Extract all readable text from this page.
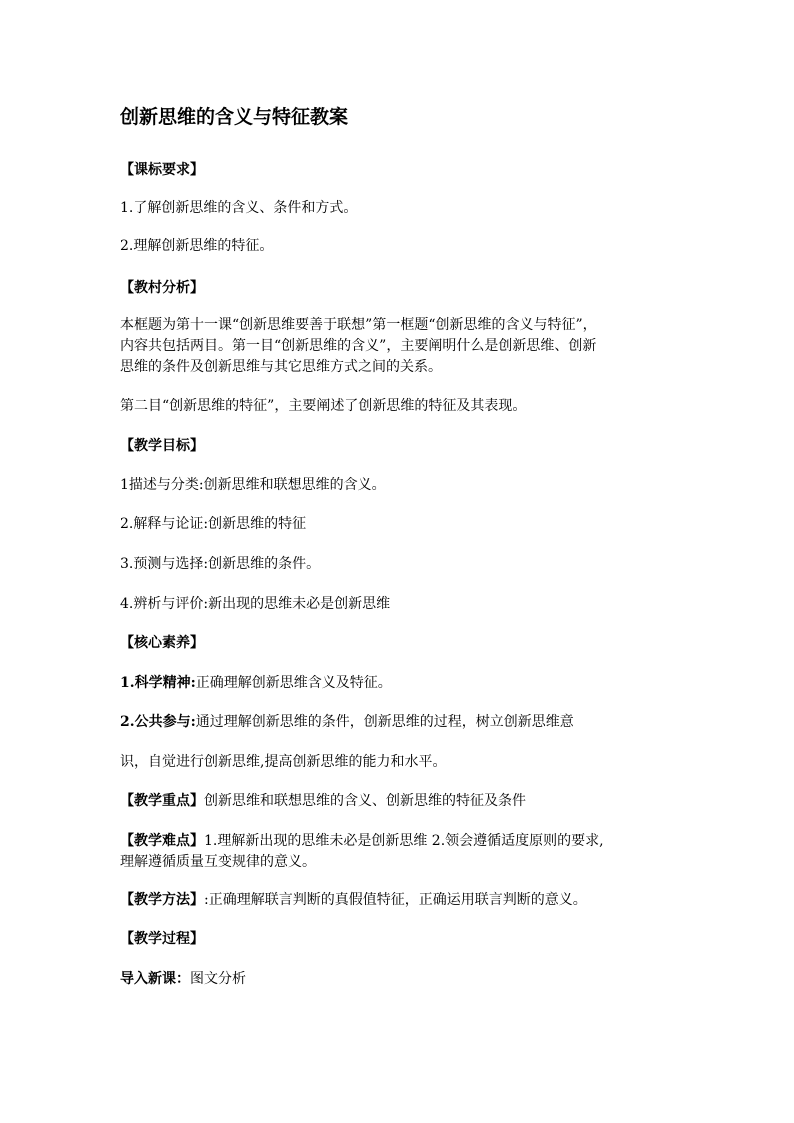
创新思维的含义与特征教案
【课标要求】
1.了解创新思维的含义、条件和方式。
2.理解创新思维的特征。
【教村分析】
本框题为第十一课“创新思维要善于联想”第一框题“创新思维的含义与特征”，
内容共包括两目。第一目“创新思维的含义”，主要阐明什么是创新思维、创新
思维的条件及创新思维与其它思维方式之间的关系。
第二目“创新思维的特征”，主要阐述了创新思维的特征及其表现。
【教学目标】
1描述与分类:创新思维和联想思维的含义。
2.解释与论证:创新思维的特征
3.预测与选择:创新思维的条件。
4.辨析与评价:新出现的思维未必是创新思维
【核心素养】
1.科学精神:正确理解创新思维含义及特征。
2.公共参与:通过理解创新思维的条件，创新思维的过程，树立创新思维意
识，自觉进行创新思维,提高创新思维的能力和水平。
【教学重点】创新思维和联想思维的含义、创新思维的特征及条件
【教学难点】1.理解新出现的思维未必是创新思维 2.领会遵循适度原则的要求,
理解遵循质量互变规律的意义。
【教学方法】:正确理解联言判断的真假值特征，正确运用联言判断的意义。
【教学过程】
导入新课：图文分析
